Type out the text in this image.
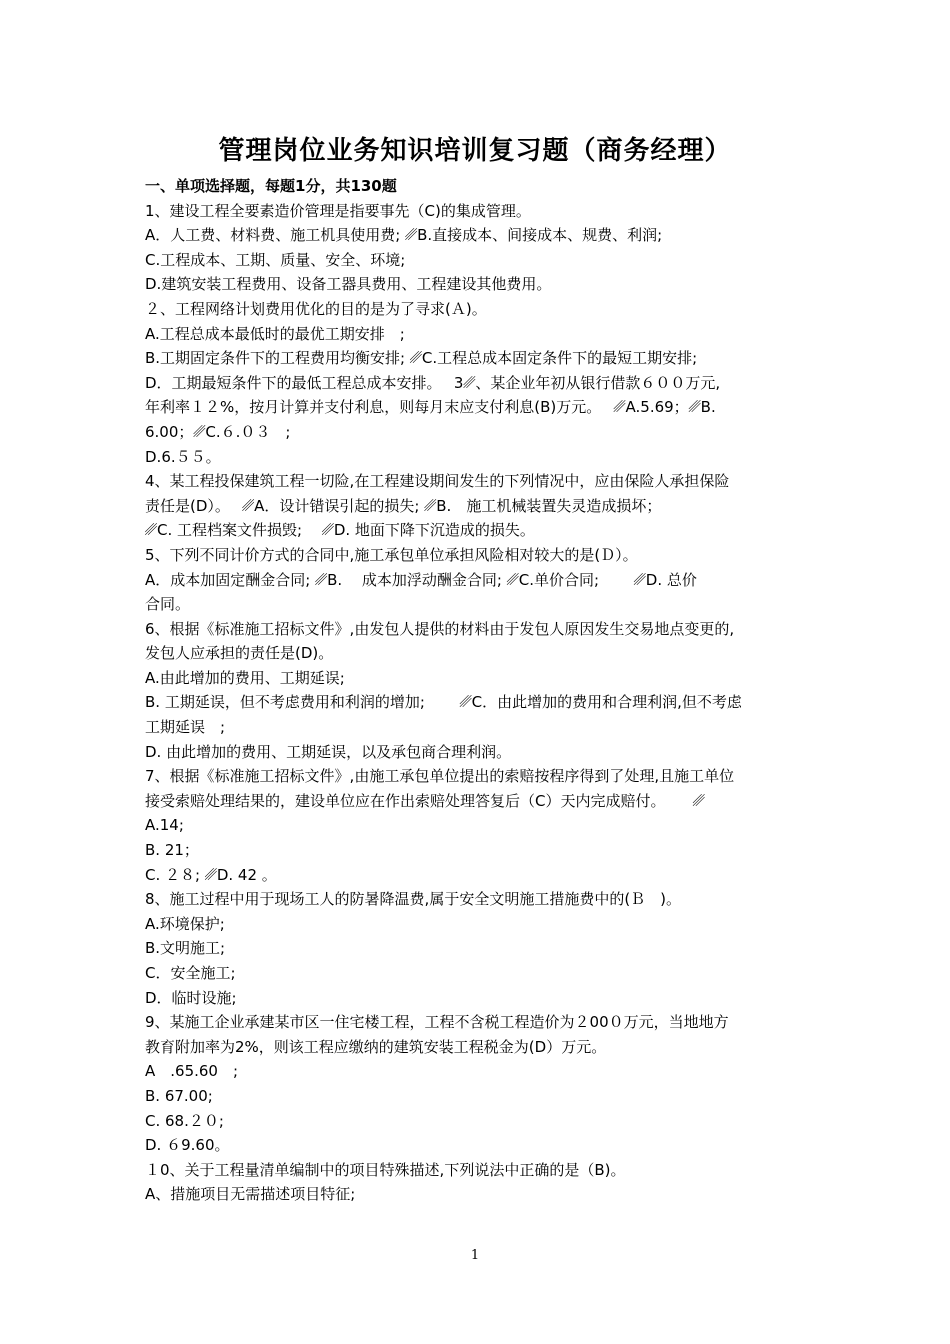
管理岗位业务知识培训复习题（商务经理）
一、单项选择题，每题1分，共130题
1、建设工程全要素造价管理是指要事先（C)的集成管理。
A．人工费、材料费、施工机具使用费; ␥B.直接成本、间接成本、规费、利润;
C.工程成本、工期、质量、安全、环境;
D.建筑安装工程费用、设备工器具费用、工程建设其他费用。
２、工程网络计划费用优化的目的是为了寻求(Ａ)。
A.工程总成本最低时的最优工期安排　;
B.工期固定条件下的工程费用均衡安排; ␥C.工程总成本固定条件下的最短工期安排;
D．工期最短条件下的最低工程总成本安排。　 3␥、某企业年初从银行借款６００万元,
年利率１２%，按月计算并支付利息，则每月末应支付利息(B)万元。　 ␥A.5.69；␥B.
6.00；␥C.６.０３　;
D.6.５５。
4、某工程投保建筑工程一切险,在工程建设期间发生的下列情况中，应由保险人承担保险
责任是(D）。　 ␥A．设计错误引起的损失; ␥B.　施工机械装置失灵造成损坏；
␥C. 工程档案文件损毁;　 ␥D. 地面下降下沉造成的损失。
5、下列不同计价方式的合同中,施工承包单位承担风险相对较大的是(Ｄ）。
A．成本加固定酬金合同; ␥B.　 成本加浮动酬金合同; ␥C.单价合同;　　 ␥D. 总价
合同。
6、根据《标准施工招标文件》,由发包人提供的材料由于发包人原因发生交易地点变更的,
发包人应承担的责任是(D)。
A.由此增加的费用、工期延误;
B. 工期延误，但不考虑费用和利润的增加;　　 ␥C．由此增加的费用和合理利润,但不考虑
工期延误　;
D. 由此增加的费用、工期延误，以及承包商合理利润。
7、根据《标准施工招标文件》,由施工承包单位提出的索赔按程序得到了处理,且施工单位
接受索赔处理结果的，建设单位应在作出索赔处理答复后（C）天内完成赔付。　　 ␥
A.14;
B. 21；
C. ２８; ␥D. 42 。
8、施工过程中用于现场工人的防暑降温费,属于安全文明施工措施费中的(Ｂ　)。
A.环境保护;
B.文明施工;
C．安全施工;
D．临时设施;
9、某施工企业承建某市区一住宅楼工程，工程不含税工程造价为２00０万元，当地地方
教育附加率为2%，则该工程应缴纳的建筑安装工程税金为(D）万元。
A　.65.60　;
B. 67.00;
C. 68.２０;
D. ６9.60。
１0、关于工程量清单编制中的项目特殊描述,下列说法中正确的是（B)。
A、措施项目无需描述项目特征;
1
